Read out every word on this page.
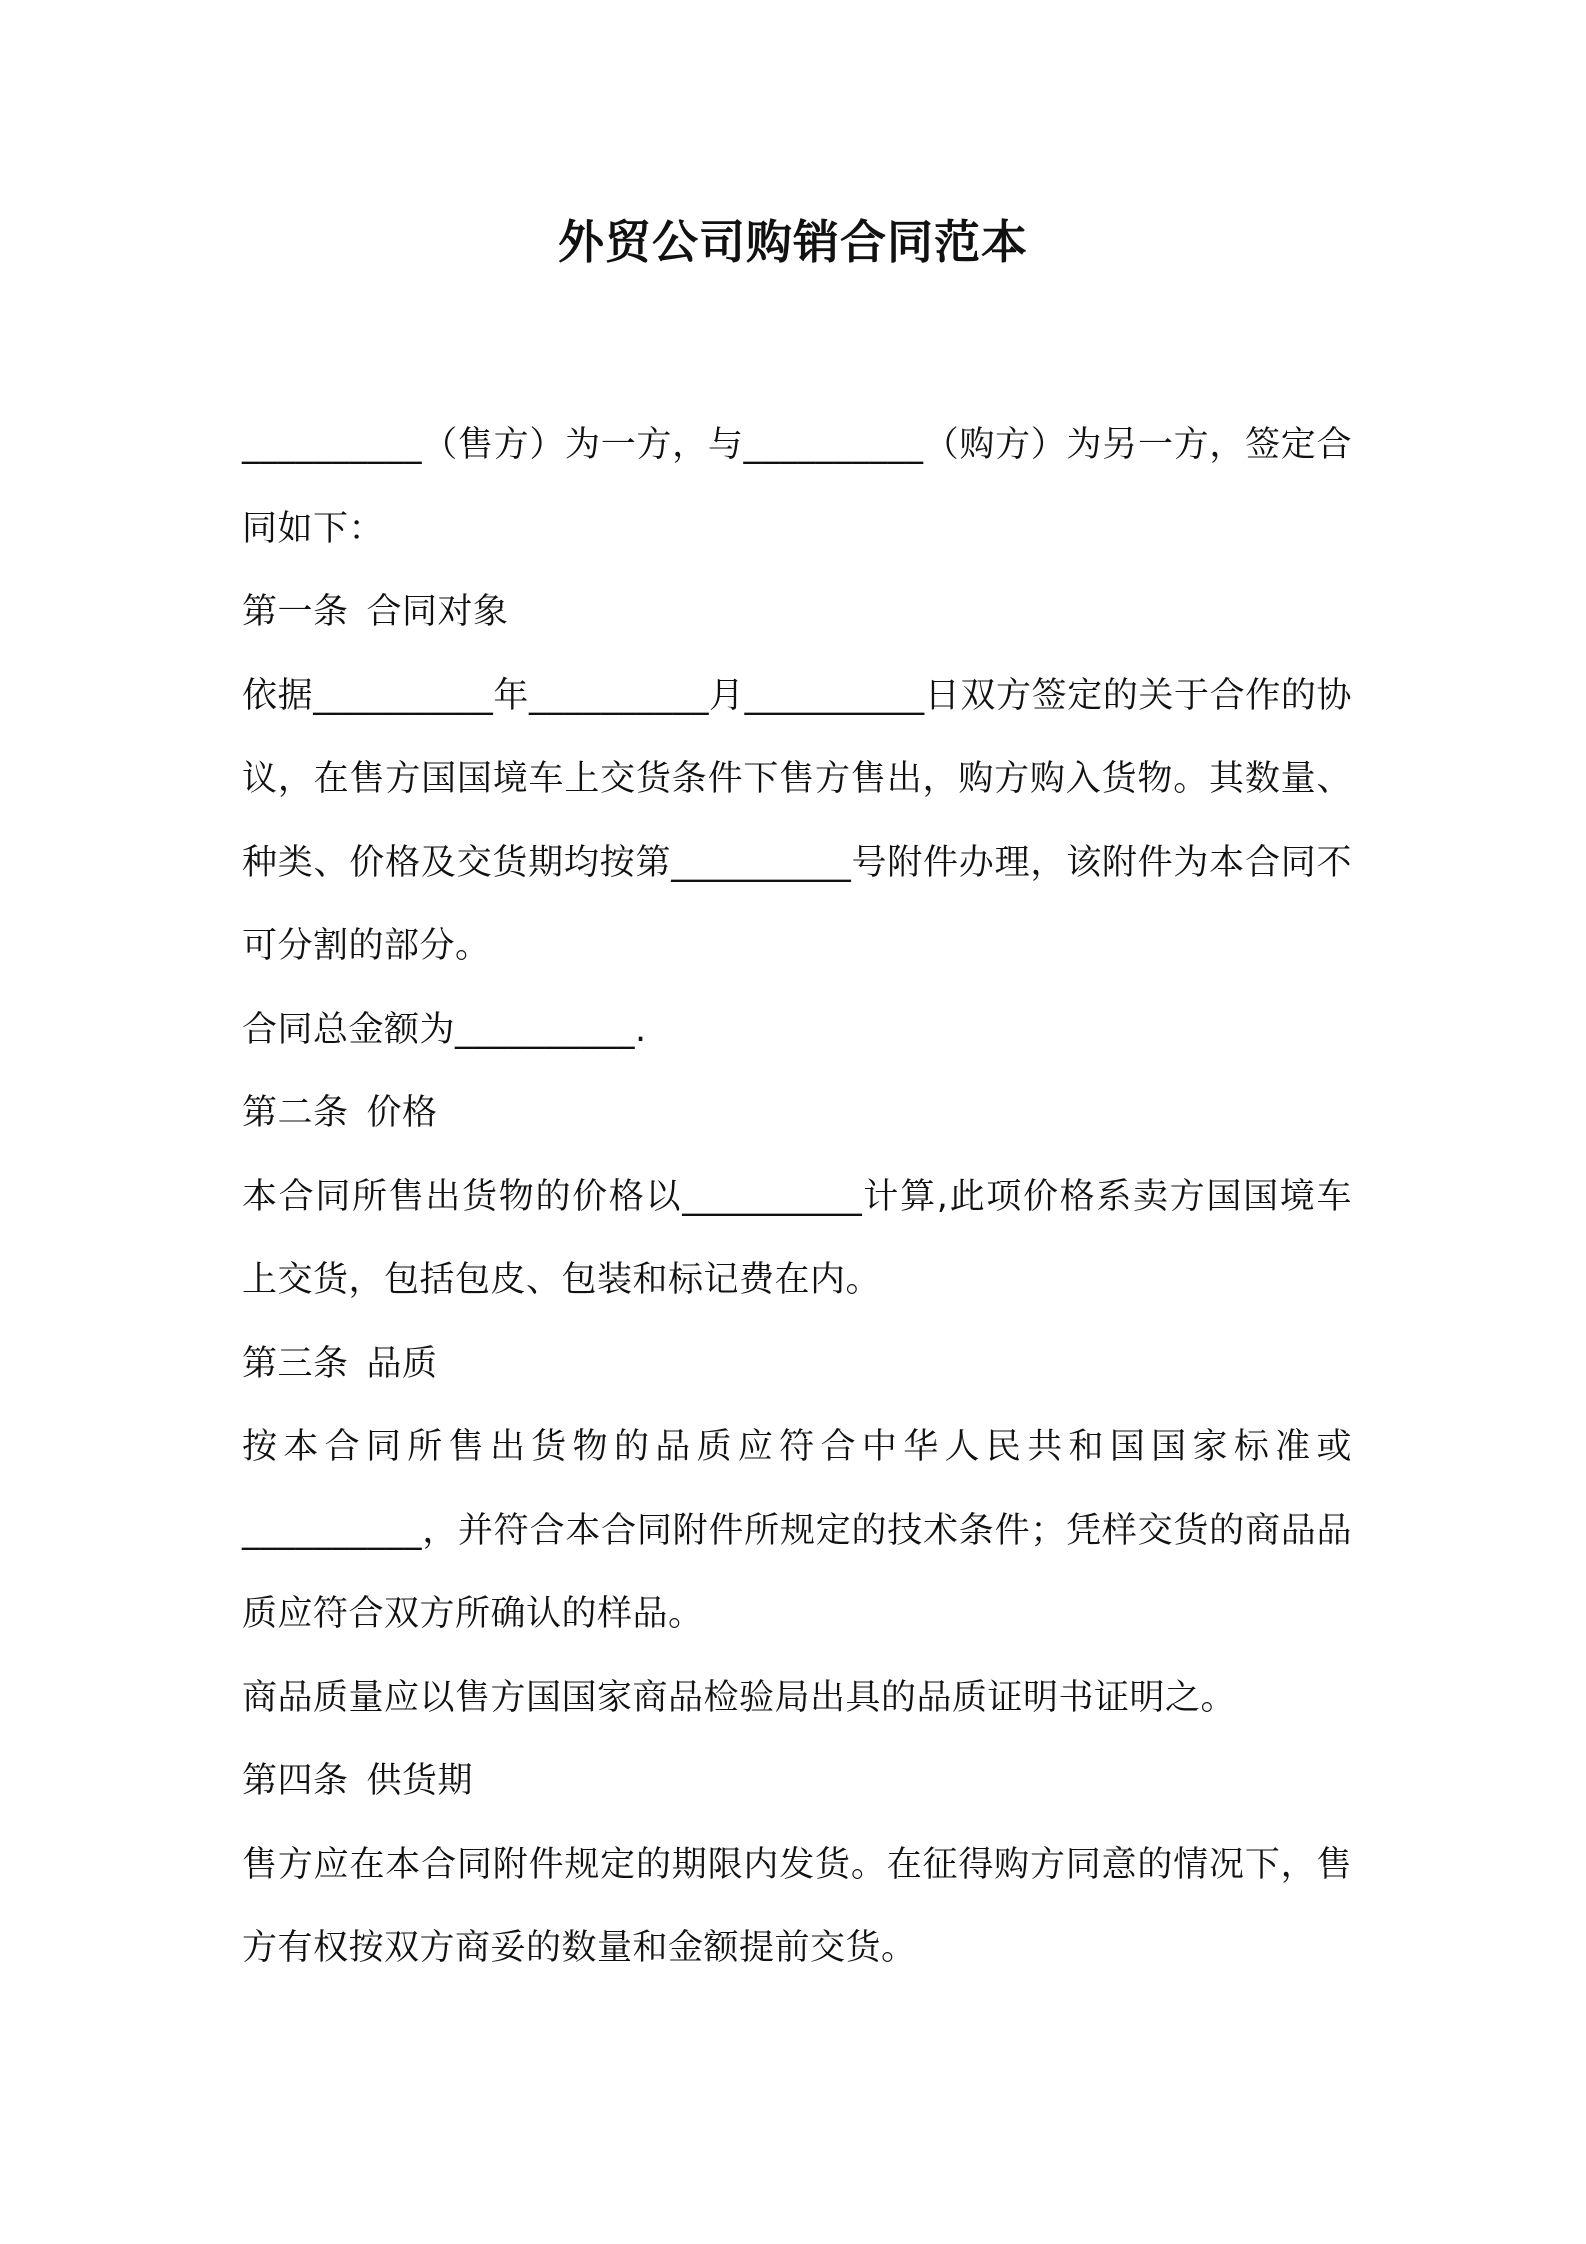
外贸公司购销合同范本

__________（售方）为一方，与__________（购方）为另一方，签定合同如下：

第一条 合同对象

依据__________年__________月__________日双方签定的关于合作的协议，在售方国国境车上交货条件下售方售出，购方购入货物。其数量、种类、价格及交货期均按第__________号附件办理，该附件为本合同不可分割的部分。

合同总金额为__________.

第二条 价格

本合同所售出货物的价格以__________计算,此项价格系卖方国国境车上交货，包括包皮、包装和标记费在内。

第三条 品质

按本合同所售出货物的品质应符合中华人民共和国国家标准或__________，并符合本合同附件所规定的技术条件；凭样交货的商品品质应符合双方所确认的样品。

商品质量应以售方国国家商品检验局出具的品质证明书证明之。

第四条 供货期

售方应在本合同附件规定的期限内发货。在征得购方同意的情况下，售方有权按双方商妥的数量和金额提前交货。
